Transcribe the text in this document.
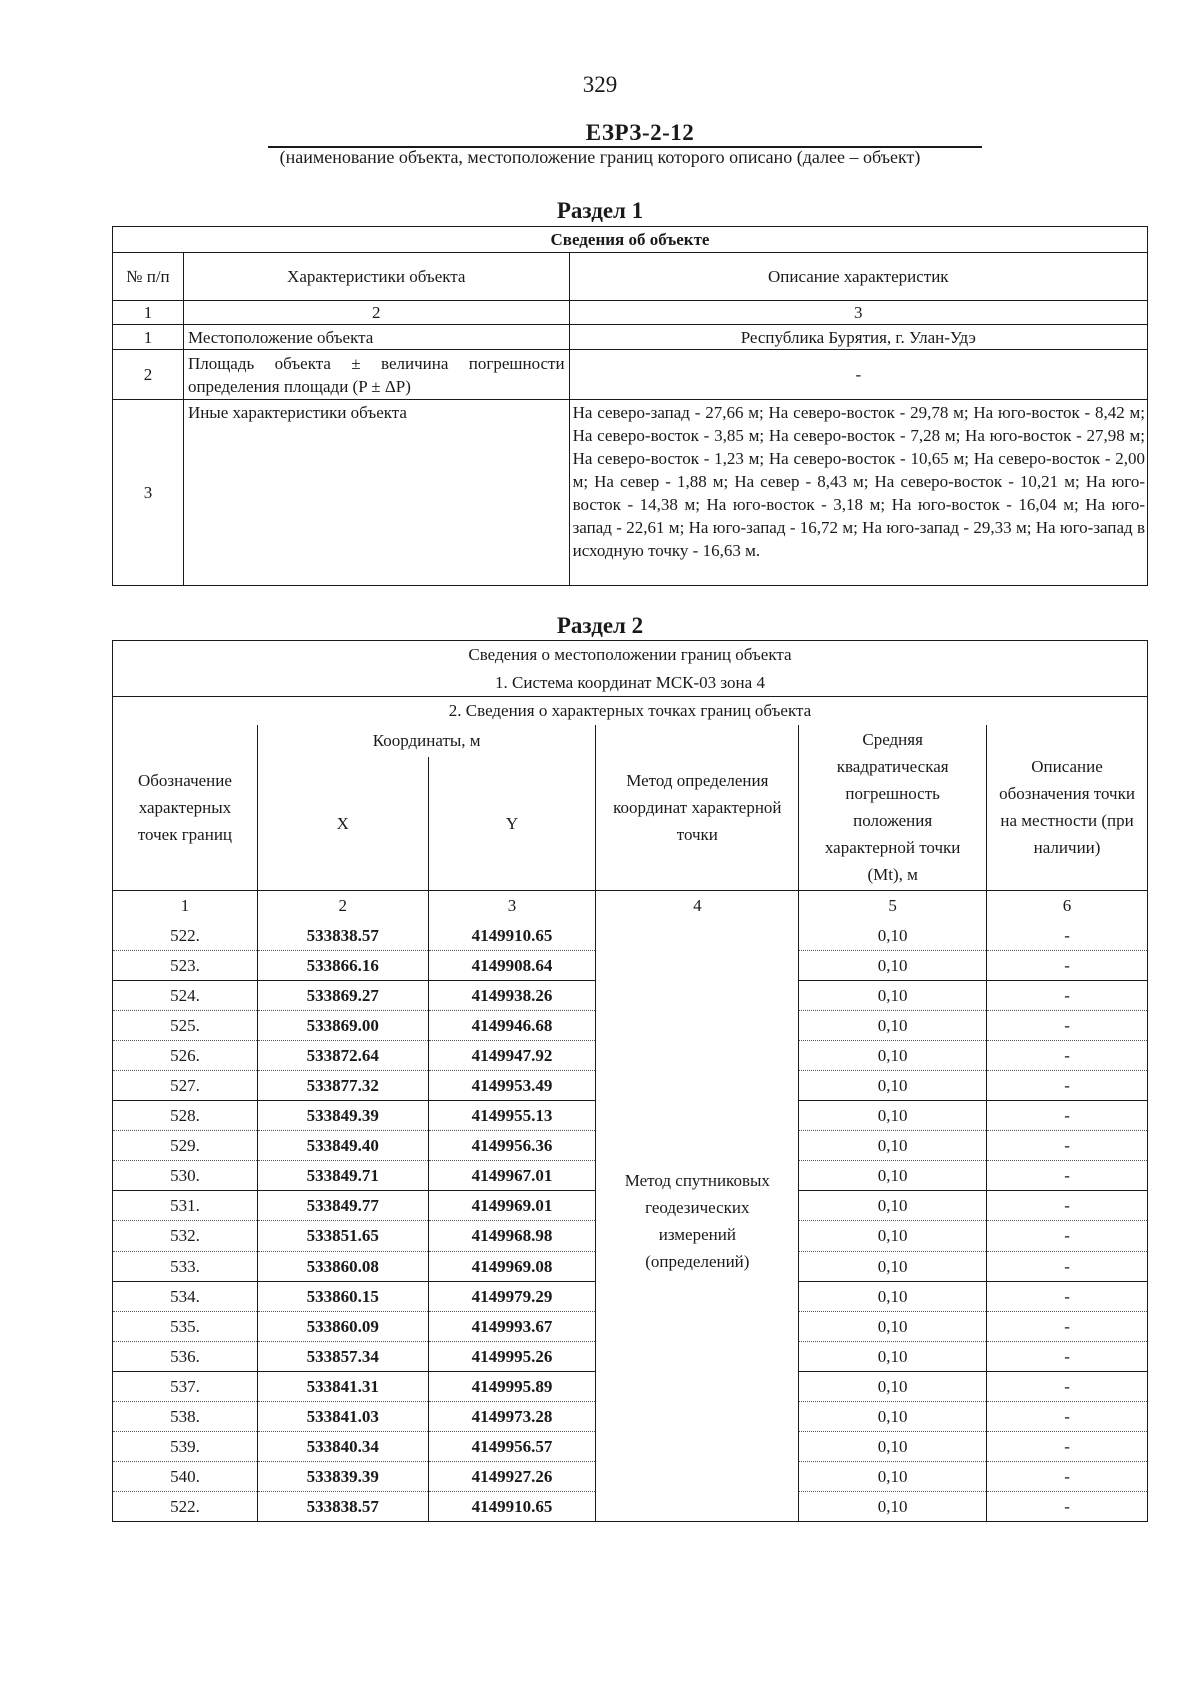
329
ЕЗРЗ-2-12
(наименование объекта, местоположение границ которого описано (далее – объект)
Раздел 1
Сведения об объекте		
№ п/п	Характеристики объекта	Описание характеристик
1	2	3
1	Местоположение объекта	Республика Бурятия, г. Улан-Удэ
2	Площадь объекта ± величина погрешности определения площади (P ± ΔP)	-
3	Иные характеристики объекта	На северо-запад - 27,66 м; На северо-восток - 29,78 м; На юго-восток - 8,42 м; На северо-восток - 3,85 м; На северо-восток - 7,28 м; На юго-восток - 27,98 м; На северо-восток - 1,23 м; На северо-восток - 10,65 м; На северо-восток - 2,00 м; На север - 1,88 м; На север - 8,43 м; На северо-восток - 10,21 м; На юго-восток - 14,38 м; На юго-восток - 3,18 м; На юго-восток - 16,04 м; На юго-запад - 22,61 м; На юго-запад - 16,72 м; На юго-запад - 29,33 м; На юго-запад в исходную точку - 16,63 м.
Раздел 2
Сведения о местоположении границ объекта					
1. Система координат МСК-03 зона 4					
2. Сведения о характерных точках границ объекта					
Обозначение характерных точек границ	Координаты, м		Метод определения координат характерной точки	Средняя квадратическая погрешность положения характерной точки (Mt), м	Описание обозначения точки на местности (при наличии)
	X	Y			
1	2	3	4	5	6
522.	533838.57	4149910.65	Метод спутниковых геодезических измерений (определений)	0,10	-
523.	533866.16	4149908.64		0,10	-
524.	533869.27	4149938.26		0,10	-
525.	533869.00	4149946.68		0,10	-
526.	533872.64	4149947.92		0,10	-
527.	533877.32	4149953.49		0,10	-
528.	533849.39	4149955.13		0,10	-
529.	533849.40	4149956.36		0,10	-
530.	533849.71	4149967.01		0,10	-
531.	533849.77	4149969.01		0,10	-
532.	533851.65	4149968.98		0,10	-
533.	533860.08	4149969.08		0,10	-
534.	533860.15	4149979.29		0,10	-
535.	533860.09	4149993.67		0,10	-
536.	533857.34	4149995.26		0,10	-
537.	533841.31	4149995.89		0,10	-
538.	533841.03	4149973.28		0,10	-
539.	533840.34	4149956.57		0,10	-
540.	533839.39	4149927.26		0,10	-
522.	533838.57	4149910.65		0,10	-
